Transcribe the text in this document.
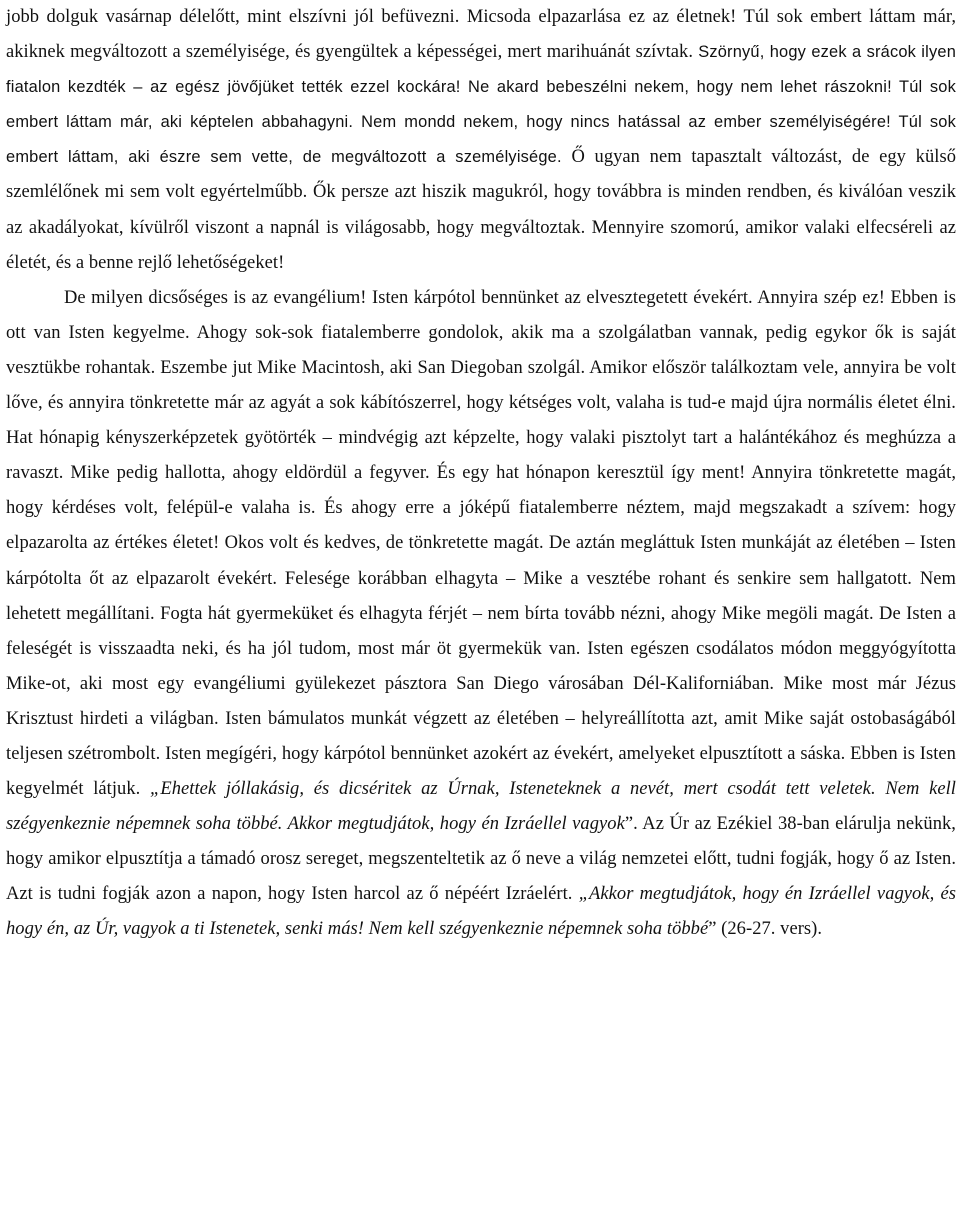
jobb dolguk vasárnap délelőtt, mint elszívni jól befüvezni. Micsoda elpazarlása ez az életnek! Túl sok embert láttam már, akiknek megváltozott a személyisége, és gyengültek a képességei, mert marihuánát szívtak. Szörnyű, hogy ezek a srácok ilyen fiatalon kezdték – az egész jövőjüket tették ezzel kockára! Ne akard bebeszélni nekem, hogy nem lehet rászokni! Túl sok embert láttam már, aki képtelen abbahagyni. Nem mondd nekem, hogy nincs hatással az ember személyiségére! Túl sok embert láttam, aki észre sem vette, de megváltozott a személyisége. Ő ugyan nem tapasztalt változást, de egy külső szemlélőnek mi sem volt egyértelműbb. Ők persze azt hiszik magukról, hogy továbbra is minden rendben, és kiválóan veszik az akadályokat, kívülről viszont a napnál is világosabb, hogy megváltoztak. Mennyire szomorú, amikor valaki elfecséreli az életét, és a benne rejlő lehetőségeket!

De milyen dicsőséges is az evangélium! Isten kárpótol bennünket az elvesztegetett évekért. Annyira szép ez! Ebben is ott van Isten kegyelme. Ahogy sok-sok fiatalemberre gondolok, akik ma a szolgálatban vannak, pedig egykor ők is saját vesztükbe rohantak. Eszembe jut Mike Macintosh, aki San Diegoban szolgál. Amikor először találkoztam vele, annyira be volt lőve, és annyira tönkretette már az agyát a sok kábítószerrel, hogy kétséges volt, valaha is tud-e majd újra normális életet élni. Hat hónapig kényszerképzetek gyötörték – mindvégig azt képzelte, hogy valaki pisztolyt tart a halántékához és meghúzza a ravaszt. Mike pedig hallotta, ahogy eldördül a fegyver. És egy hat hónapon keresztül így ment! Annyira tönkretette magát, hogy kérdéses volt, felépül-e valaha is. És ahogy erre a jóképű fiatalemberre néztem, majd megszakadt a szívem: hogy elpazarolta az értékes életet! Okos volt és kedves, de tönkretette magát. De aztán megláttuk Isten munkáját az életében – Isten kárpótolta őt az elpazarolt évekért. Felesége korábban elhagyta – Mike a vesztébe rohant és senkire sem hallgatott. Nem lehetett megállítani. Fogta hát gyermeküket és elhagyta férjét – nem bírta tovább nézni, ahogy Mike megöli magát. De Isten a feleségét is visszaadta neki, és ha jól tudom, most már öt gyermekük van. Isten egészen csodálatos módon meggyógyította Mike-ot, aki most egy evangéliumi gyülekezet pásztora San Diego városában Dél-Kaliforniában. Mike most már Jézus Krisztust hirdeti a világban. Isten bámulatos munkát végzett az életében – helyreállította azt, amit Mike saját ostobaságából teljesen szétrombolt. Isten megígéri, hogy kárpótol bennünket azokért az évekért, amelyeket elpusztított a sáska. Ebben is Isten kegyelmét látjuk. „Ehettek jóllakásig, és dicséritek az Úrnak, Isteneteknek a nevét, mert csodát tett veletek. Nem kell szégyenkeznie népemnek soha többé. Akkor megtudjátok, hogy én Izráellel vagyok”. Az Úr az Ezékiel 38-ban elárulja nekünk, hogy amikor elpusztítja a támadó orosz sereget, megszenteltetik az ő neve a világ nemzetei előtt, tudni fogják, hogy ő az Isten. Azt is tudni fogják azon a napon, hogy Isten harcol az ő népéért Izráelért. „Akkor megtudjátok, hogy én Izráellel vagyok, és hogy én, az Úr, vagyok a ti Istenetek, senki más! Nem kell szégyenkeznie népemnek soha többé” (26-27. vers).
